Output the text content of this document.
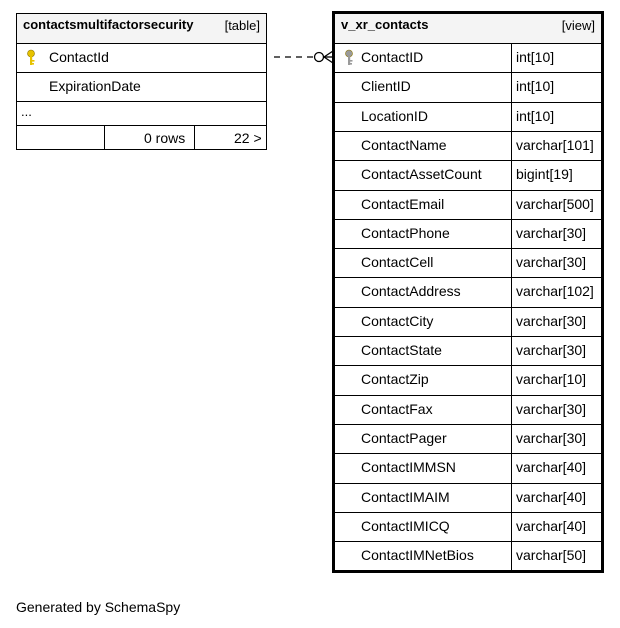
contactsmultifactorsecurity [table]
ContactId
ExpirationDate
...
0 rows	22 >
v_xr_contacts	[view]
ContactID	int[10]
ClientID	int[10]
LocationID	int[10]
ContactName	varchar[101]
ContactAssetCount bigint[19]
ContactEmail	varchar[500]
ContactPhone	varchar[30]
ContactCell	varchar[30]
ContactAddress	varchar[102]
ContactCity	varchar[30]
ContactState	varchar[30]
ContactZip	varchar[10]
ContactFax	varchar[30]
ContactPager	varchar[30]
ContactIMMSN	varchar[40]
ContactIMAIM	varchar[40]
ContactIMICQ	varchar[40]
ContactIMNetBios	varchar[50]
Generated by SchemaSpy
